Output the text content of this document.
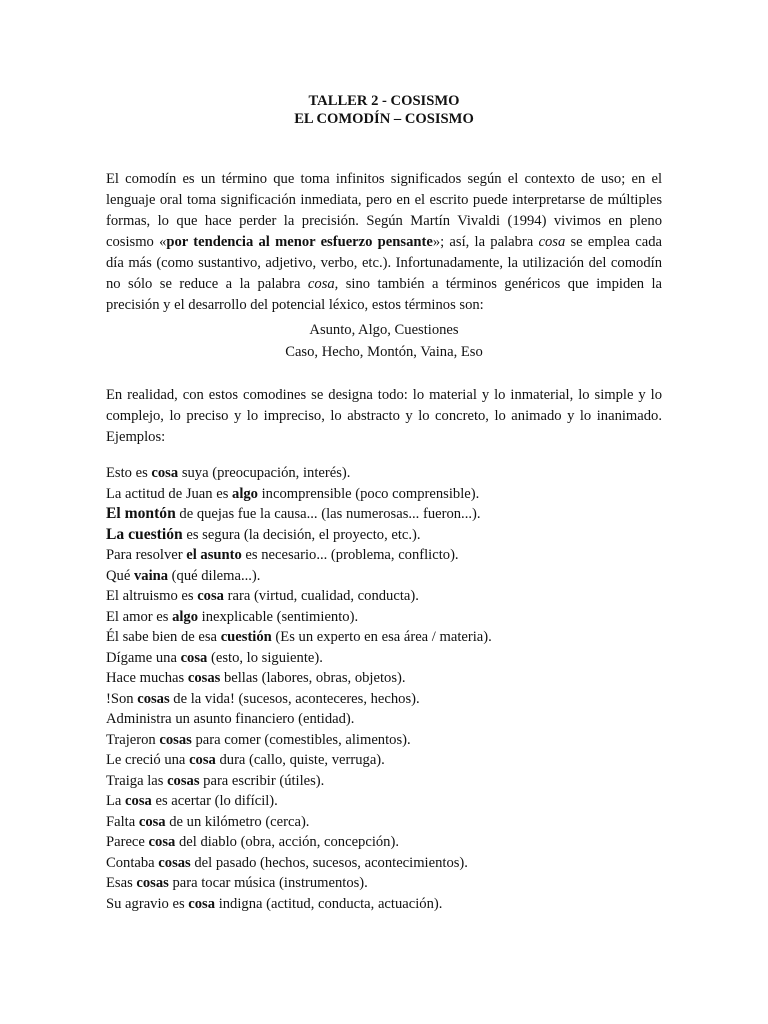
TALLER 2 - COSISMO
EL COMODÍN – COSISMO

El comodín es un término que toma infinitos significados según el contexto de uso; en el lenguaje oral toma significación inmediata, pero en el escrito puede interpretarse de múltiples formas, lo que hace perder la precisión. Según Martín Vivaldi (1994) vivimos en pleno cosismo «por tendencia al menor esfuerzo pensante»; así, la palabra cosa se emplea cada día más (como sustantivo, adjetivo, verbo, etc.). Infortunadamente, la utilización del comodín no sólo se reduce a la palabra cosa, sino también a términos genéricos que impiden la precisión y el desarrollo del potencial léxico, estos términos son:

Asunto, Algo, Cuestiones

Caso, Hecho, Montón, Vaina, Eso

En realidad, con estos comodines se designa todo: lo material y lo inmaterial, lo simple y lo complejo, lo preciso y lo impreciso, lo abstracto y lo concreto, lo animado y lo inanimado. Ejemplos:

Esto es cosa suya (preocupación, interés).
La actitud de Juan es algo incomprensible (poco comprensible).
El montón de quejas fue la causa... (las numerosas... fueron...).
La cuestión es segura (la decisión, el proyecto, etc.).
Para resolver el asunto es necesario... (problema, conflicto).
Qué vaina (qué dilema...).
El altruismo es cosa rara (virtud, cualidad, conducta).
El amor es algo inexplicable (sentimiento).
Él sabe bien de esa cuestión (Es un experto en esa área / materia).
Dígame una cosa (esto, lo siguiente).
Hace muchas cosas bellas (labores, obras, objetos).
!Son cosas de la vida! (sucesos, aconteceres, hechos).
Administra un asunto financiero (entidad).
Trajeron cosas para comer (comestibles, alimentos).
Le creció una cosa dura (callo, quiste, verruga).
Traiga las cosas para escribir (útiles).
La cosa es acertar (lo difícil).
Falta cosa de un kilómetro (cerca).
Parece cosa del diablo (obra, acción, concepción).
Contaba cosas del pasado (hechos, sucesos, acontecimientos).
Esas cosas para tocar música (instrumentos).
Su agravio es cosa indigna (actitud, conducta, actuación).
